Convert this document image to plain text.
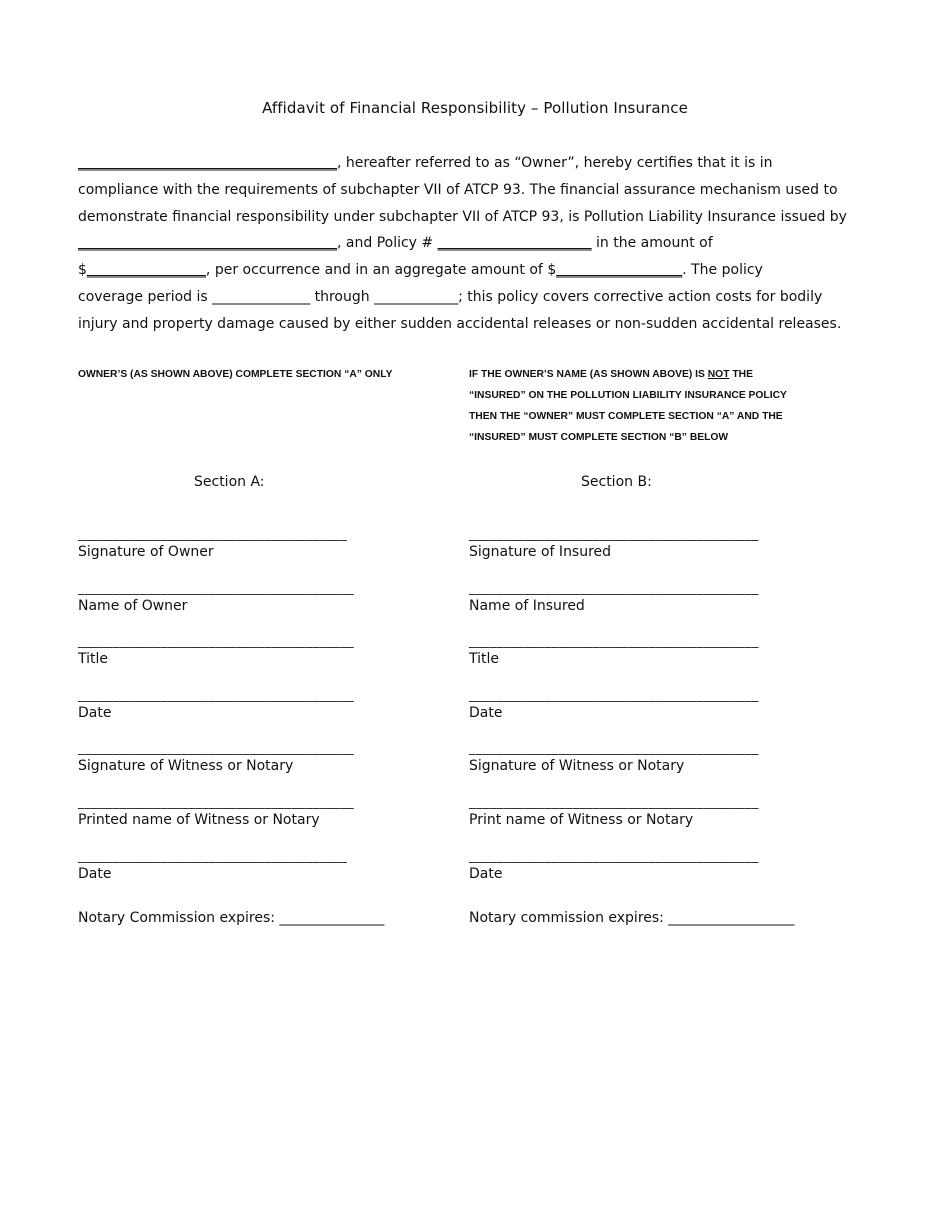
Affidavit of Financial Responsibility – Pollution Insurance
_____________________________________, hereafter referred to as “Owner”, hereby certifies that it is in
compliance with the requirements of subchapter VII of ATCP 93. The financial assurance mechanism used to
demonstrate financial responsibility under subchapter VII of ATCP 93, is Pollution Liability Insurance issued by
_____________________________________, and Policy # ______________________ in the amount of
$_________________, per occurrence and in an aggregate amount of $__________________. The policy
coverage period is ______________ through ____________; this policy covers corrective action costs for bodily
injury and property damage caused by either sudden accidental releases or non-sudden accidental releases.
OWNER’S (AS SHOWN ABOVE) COMPLETE SECTION “A” ONLY	IF THE OWNER’S NAME (AS SHOWN ABOVE) IS NOT THE
“INSURED” ON THE POLLUTION LIABILITY INSURANCE POLICY
THEN THE “OWNER” MUST COMPLETE SECTION “A” AND THE
“INSURED” MUST COMPLETE SECTION “B” BELOW
Section A:	Section B:
_______________________________________
Signature of Owner
________________________________________
Name of Owner
________________________________________
Title
________________________________________
Date
________________________________________
Signature of Witness or Notary
________________________________________
Printed name of Witness or Notary
_______________________________________
Date
__________________________________________
Signature of Insured
__________________________________________
Name of Insured
__________________________________________
Title
__________________________________________
Date
__________________________________________
Signature of Witness or Notary
__________________________________________
Print name of Witness or Notary
__________________________________________
Date
Notary Commission expires: _______________	Notary commission expires: __________________
